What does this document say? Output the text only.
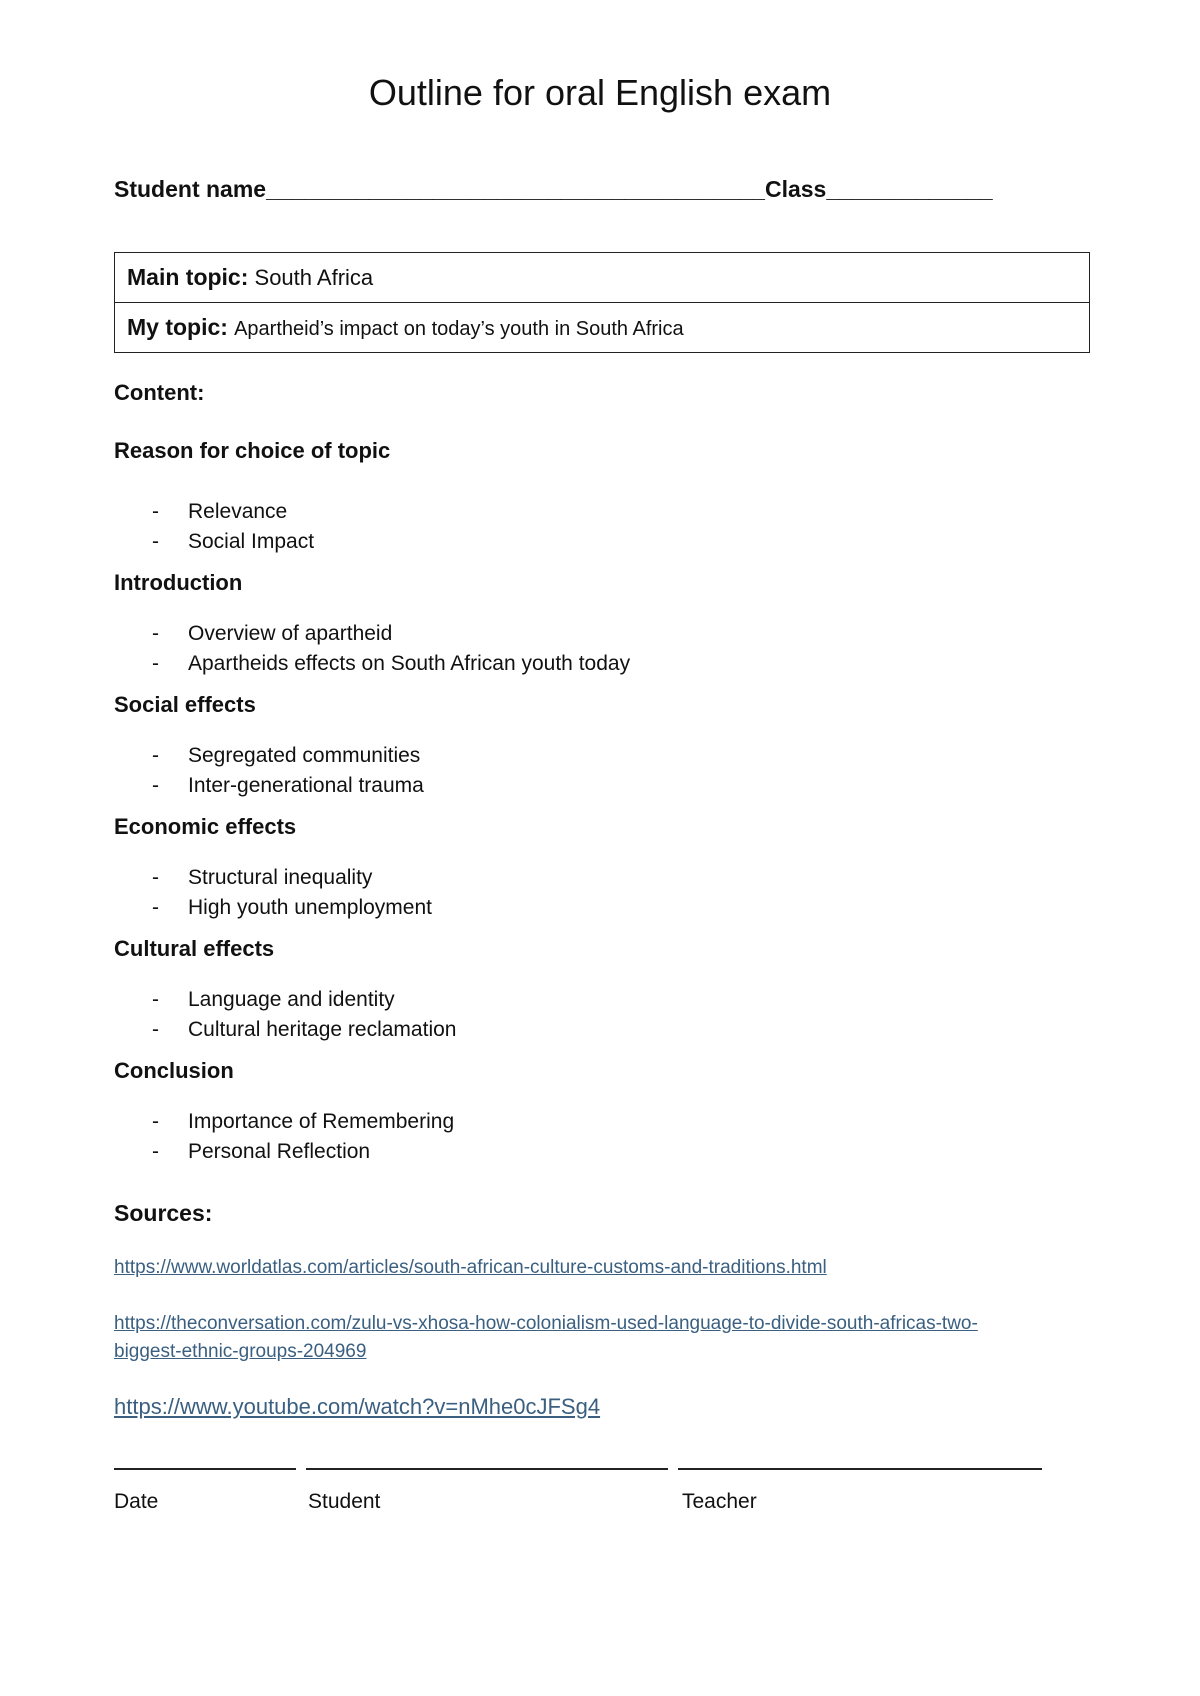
Outline for oral English exam
Student name_______________________________________Class_____________
Main topic: South Africa
My topic: Apartheid’s impact on today’s youth in South Africa
Content:
Reason for choice of topic
- Relevance
- Social Impact
Introduction
- Overview of apartheid
- Apartheids effects on South African youth today
Social effects
- Segregated communities
- Inter-generational trauma
Economic effects
- Structural inequality
- High youth unemployment
Cultural effects
- Language and identity
- Cultural heritage reclamation
Conclusion
- Importance of Remembering
- Personal Reflection
Sources:
https://www.worldatlas.com/articles/south-african-culture-customs-and-traditions.html
https://theconversation.com/zulu-vs-xhosa-how-colonialism-used-language-to-divide-south-africas-two-
biggest-ethnic-groups-204969
https://www.youtube.com/watch?v=nMhe0cJFSg4
Date	Student	Teacher
